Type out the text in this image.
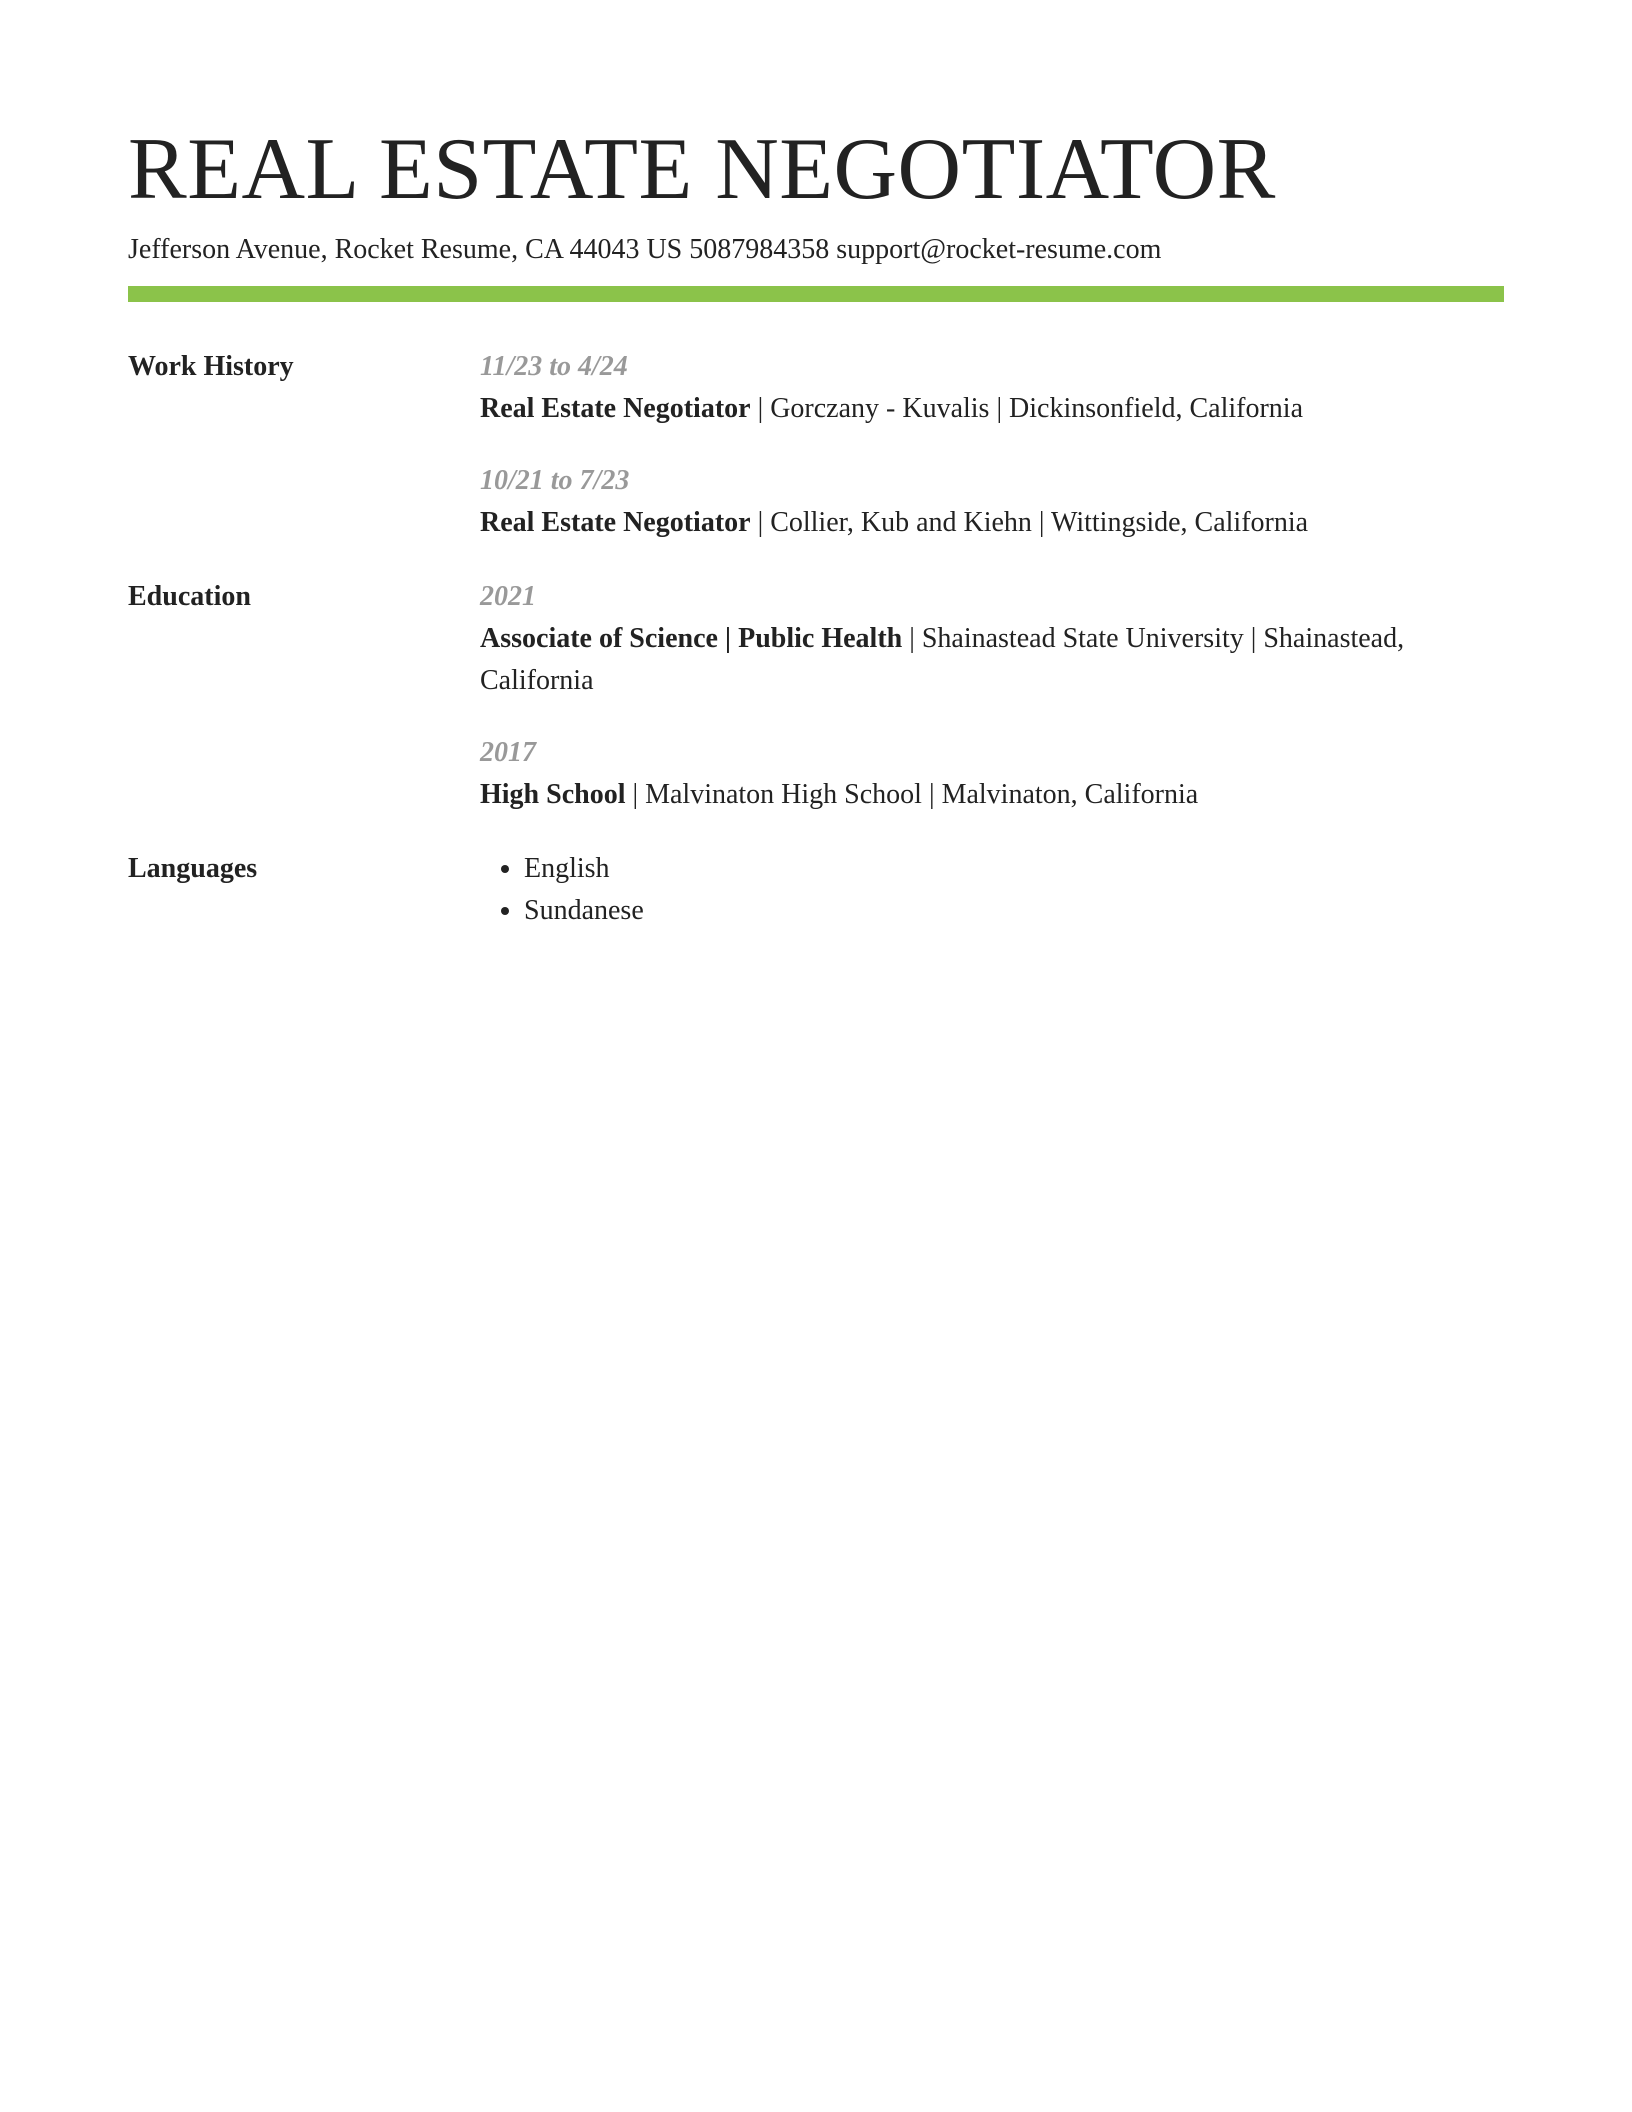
REAL ESTATE NEGOTIATOR
Jefferson Avenue, Rocket Resume, CA 44043 US 5087984358 support@rocket-resume.com
Work History	11/23 to 4/24
Real Estate Negotiator | Gorczany - Kuvalis | Dickinsonfield, California
10/21 to 7/23
Real Estate Negotiator | Collier, Kub and Kiehn | Wittingside, California
Education	2021
Associate of Science | Public Health | Shainastead State University | Shainastead, California
2017
High School | Malvinaton High School | Malvinaton, California
Languages
•	English
• Sundanese
